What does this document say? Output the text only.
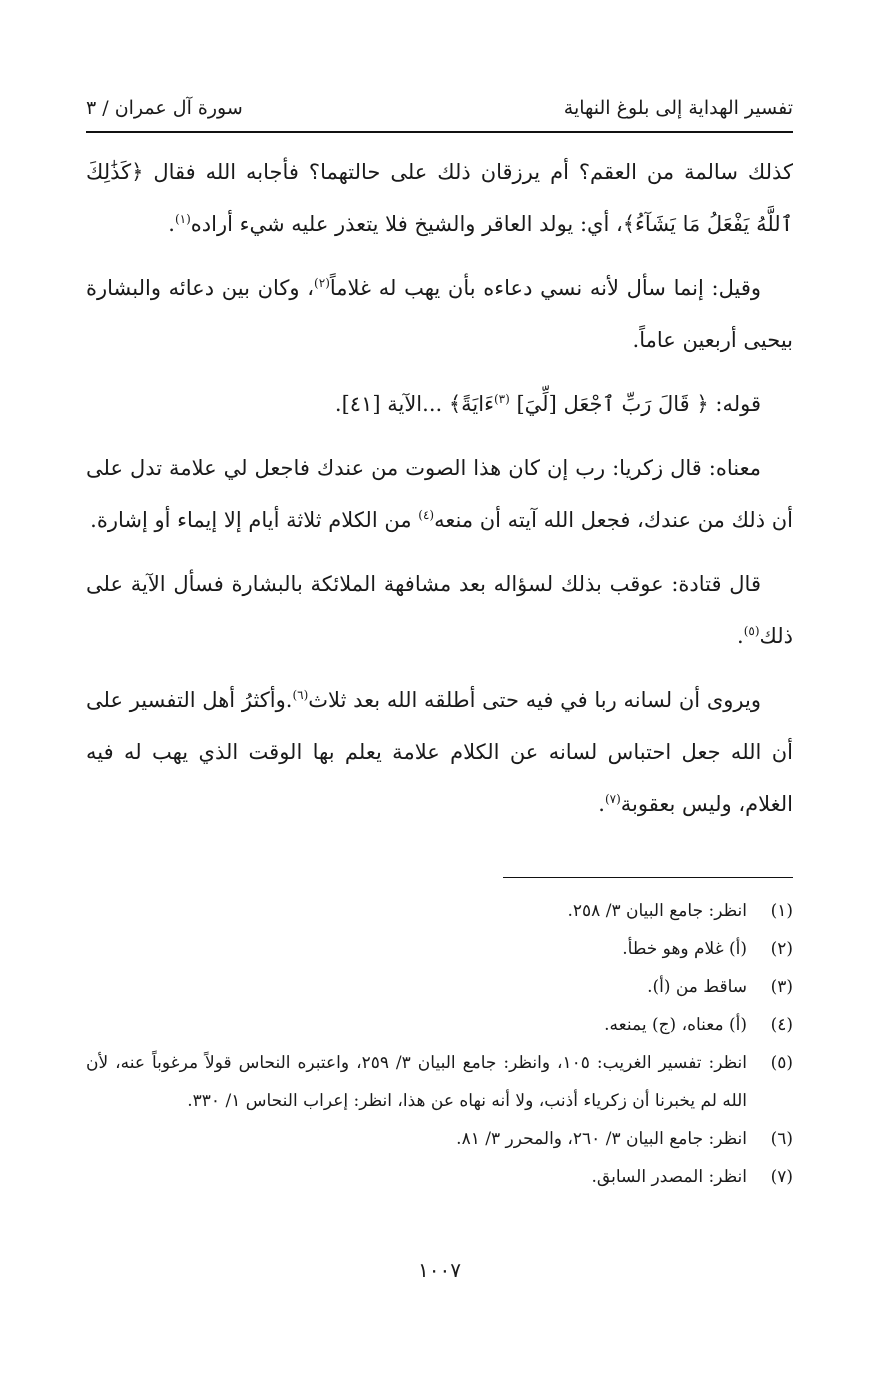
تفسير الهداية إلى بلوغ النهاية
سورة آل عمران / ٣

كذلك سالمة من العقم؟ أم يرزقان ذلك على حالتهما؟ فأجابه الله فقال ﴿كَذَٰلِكَ ٱللَّهُ يَفْعَلُ مَا يَشَآءُ﴾، أي: يولد العاقر والشيخ فلا يتعذر عليه شيء أراده$^{(١)}$.

وقيل: إنما سأل لأنه نسي دعاءه بأن يهب له غلاماً$^{(٢)}$، وكان بين دعائه والبشارة بيحيى أربعين عاماً.

قوله: ﴿ قَالَ رَبِّ ٱجْعَل [لِّيَ] $^{(٣)}$ءَايَةً﴾ ...الآية [٤١].

معناه: قال زكريا: رب إن كان هذا الصوت من عندك فاجعل لي علامة تدل على أن ذلك من عندك، فجعل الله آيته أن منعه$^{(٤)}$ من الكلام ثلاثة أيام إلا إيماء أو إشارة.

قال قتادة: عوقب بذلك لسؤاله بعد مشافهة الملائكة بالبشارة فسأل الآية على ذلك$^{(٥)}$.

ويروى أن لسانه ربا في فيه حتى أطلقه الله بعد ثلاث$^{(٦)}$.وأكثرُ أهل التفسير على أن الله جعل احتباس لسانه عن الكلام علامة يعلم بها الوقت الذي يهب له فيه الغلام، وليس بعقوبة$^{(٧)}$.

(١)
انظر: جامع البيان ٣/ ٢٥٨.
(٢)
(أ) غلام وهو خطأ.
(٣)
ساقط من (أ).
(٤)
(أ) معناه، (ج) يمنعه.
(٥)
انظر: تفسير الغريب: ١٠٥، وانظر: جامع البيان ٣/ ٢٥٩، واعتبره النحاس قولاً مرغوباً عنه، لأن الله لم يخبرنا أن زكرياء أذنب، ولا أنه نهاه عن هذا، انظر: إعراب النحاس ١/ ٣٣٠.
(٦)
انظر: جامع البيان ٣/ ٢٦٠، والمحرر ٣/ ٨١.
(٧)
انظر: المصدر السابق.
١٠٠٧
